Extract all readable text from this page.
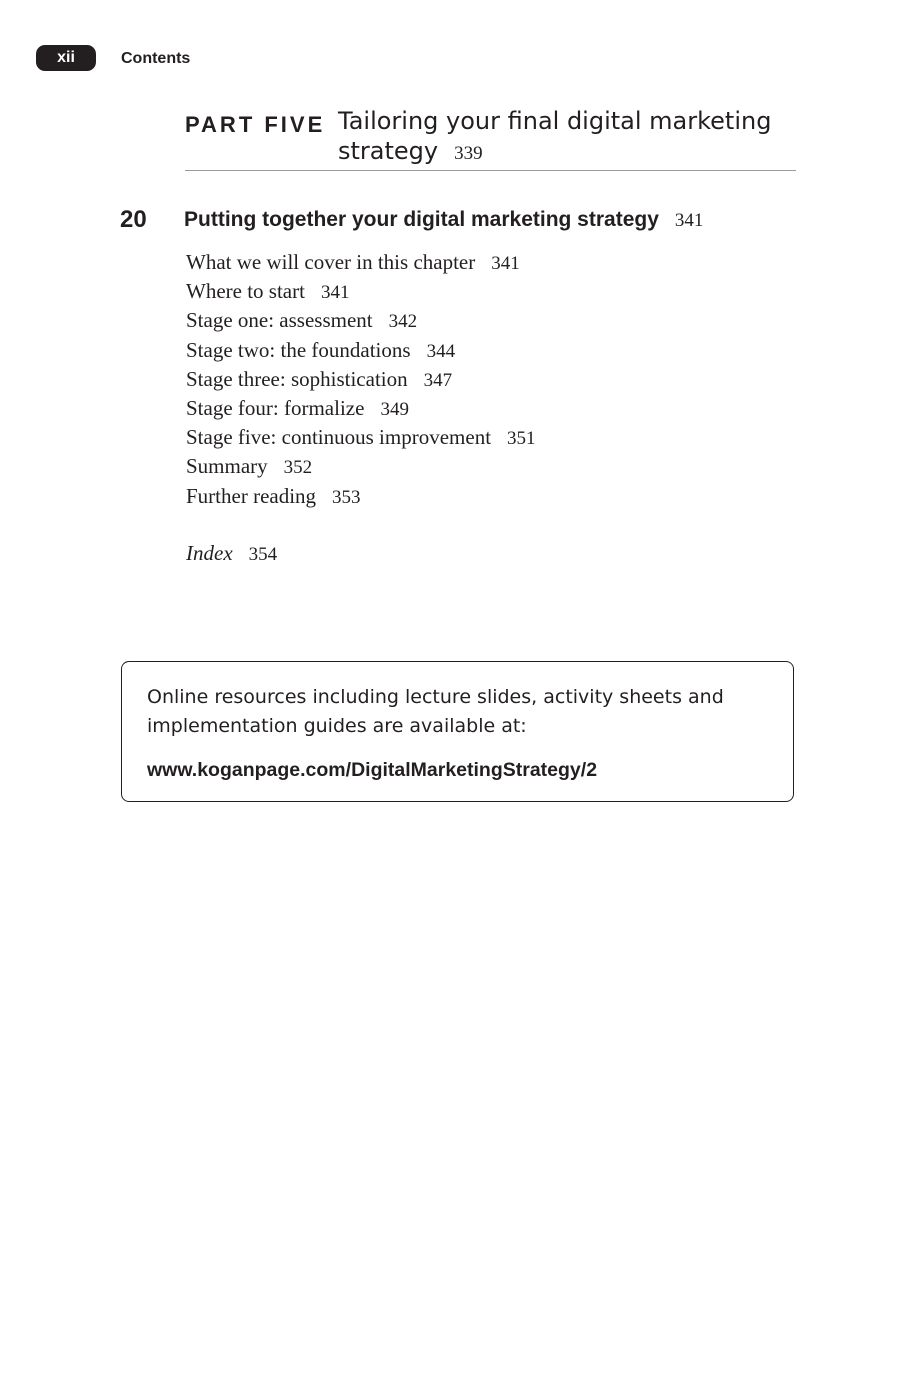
xii	Contents
PART FIVE Tailoring your final digital marketing strategy 339
20 Putting together your digital marketing strategy 341
What we will cover in this chapter 341
Where to start 341
Stage one: assessment 342
Stage two: the foundations 344
Stage three: sophistication 347
Stage four: formalize 349
Stage five: continuous improvement 351
Summary 352
Further reading 353
Index 354
Online resources including lecture slides, activity sheets and implementation guides are available at:
www.koganpage.com/DigitalMarketingStrategy/2
